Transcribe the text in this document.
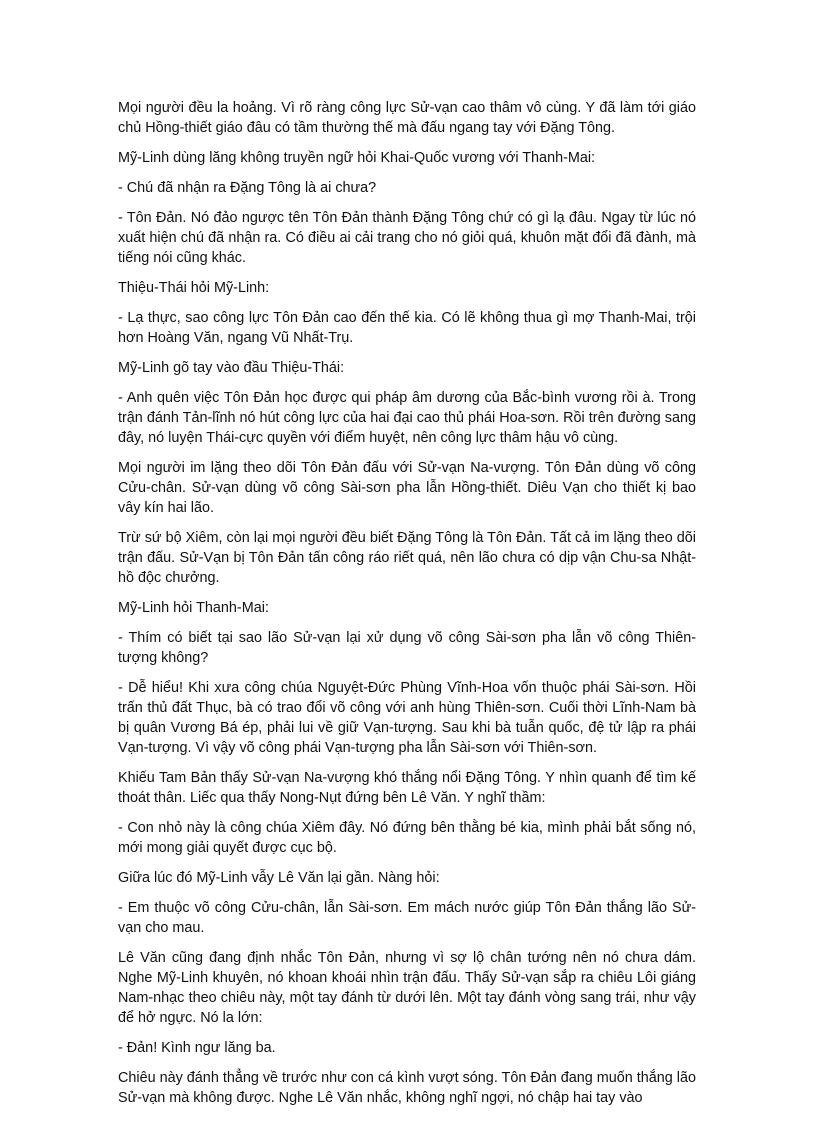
Mọi người đều la hoảng. Vì rõ ràng công lực Sử-vạn cao thâm vô cùng. Y đã làm tới giáo chủ Hồng-thiết giáo đâu có tầm thường thế mà đấu ngang tay với Đặng Tông.

Mỹ-Linh dùng lăng không truyền ngữ hỏi Khai-Quốc vương với Thanh-Mai:

- Chú đã nhận ra Đặng Tông là ai chưa?

- Tôn Đản. Nó đảo ngược tên Tôn Đản thành Đặng Tông chứ có gì lạ đâu. Ngay từ lúc nó xuất hiện chú đã nhận ra. Có điều ai cải trang cho nó giỏi quá, khuôn mặt đổi đã đành, mà tiếng nói cũng khác.

Thiệu-Thái hỏi Mỹ-Linh:

- Lạ thực, sao công lực Tôn Đản cao đến thế kia. Có lẽ không thua gì mợ Thanh-Mai, trội hơn Hoàng Văn, ngang Vũ Nhất-Trụ.

Mỹ-Linh gõ tay vào đầu Thiệu-Thái:

- Anh quên việc Tôn Đản học được qui pháp âm dương của Bắc-bình vương rồi à. Trong trận đánh Tản-lĩnh nó hút công lực của hai đại cao thủ phái Hoa-sơn. Rồi trên đường sang đây, nó luyện Thái-cực quyền với điểm huyệt, nên công lực thâm hậu vô cùng.

Mọi người im lặng theo dõi Tôn Đản đấu với Sử-vạn Na-vượng. Tôn Đản dùng võ công Cửu-chân. Sử-vạn dùng võ công Sài-sơn pha lẫn Hồng-thiết. Diêu Vạn cho thiết kị bao vây kín hai lão.

Trừ sứ bộ Xiêm, còn lại mọi người đều biết Đặng Tông là Tôn Đản. Tất cả im lặng theo dõi trận đấu. Sử-Vạn bị Tôn Đản tấn công ráo riết quá, nên lão chưa có dịp vận Chu-sa Nhật-hồ độc chưởng.

Mỹ-Linh hỏi Thanh-Mai:

- Thím có biết tại sao lão Sử-vạn lại xử dụng võ công Sài-sơn pha lẫn võ công Thiên-tượng không?

- Dễ hiểu! Khi xưa công chúa Nguyệt-Đức Phùng Vĩnh-Hoa vốn thuộc phái Sài-sơn. Hồi trấn thủ đất Thục, bà có trao đổi võ công với anh hùng Thiên-sơn. Cuối thời Lĩnh-Nam bà bị quân Vương Bá ép, phải lui về giữ Vạn-tượng. Sau khi bà tuẫn quốc, đệ tử lập ra phái Vạn-tượng. Vì vậy võ công phái Vạn-tượng pha lẫn Sài-sơn với Thiên-sơn.

Khiếu Tam Bản thấy Sử-vạn Na-vượng khó thắng nổi Đặng Tông. Y nhìn quanh để tìm kế thoát thân. Liếc qua thấy Nong-Nụt đứng bên Lê Văn. Y nghĩ thầm:

- Con nhỏ này là công chúa Xiêm đây. Nó đứng bên thằng bé kia, mình phải bắt sống nó, mới mong giải quyết được cục bộ.

Giữa lúc đó Mỹ-Linh vẫy Lê Văn lại gần. Nàng hỏi:

- Em thuộc võ công Cửu-chân, lẫn Sài-sơn. Em mách nước giúp Tôn Đản thắng lão Sử-vạn cho mau.

Lê Văn cũng đang định nhắc Tôn Đản, nhưng vì sợ lộ chân tướng nên nó chưa dám. Nghe Mỹ-Linh khuyên, nó khoan khoái nhìn trận đấu. Thấy Sử-vạn sắp ra chiêu Lôi giáng Nam-nhạc theo chiêu này, một tay đánh từ dưới lên. Một tay đánh vòng sang trái, như vậy để hở ngực. Nó la lớn:

- Đản! Kình ngư lăng ba.

Chiêu này đánh thẳng về trước như con cá kình vượt sóng. Tôn Đản đang muốn thắng lão Sử-vạn mà không được. Nghe Lê Văn nhắc, không nghĩ ngợi, nó chập hai tay vào
